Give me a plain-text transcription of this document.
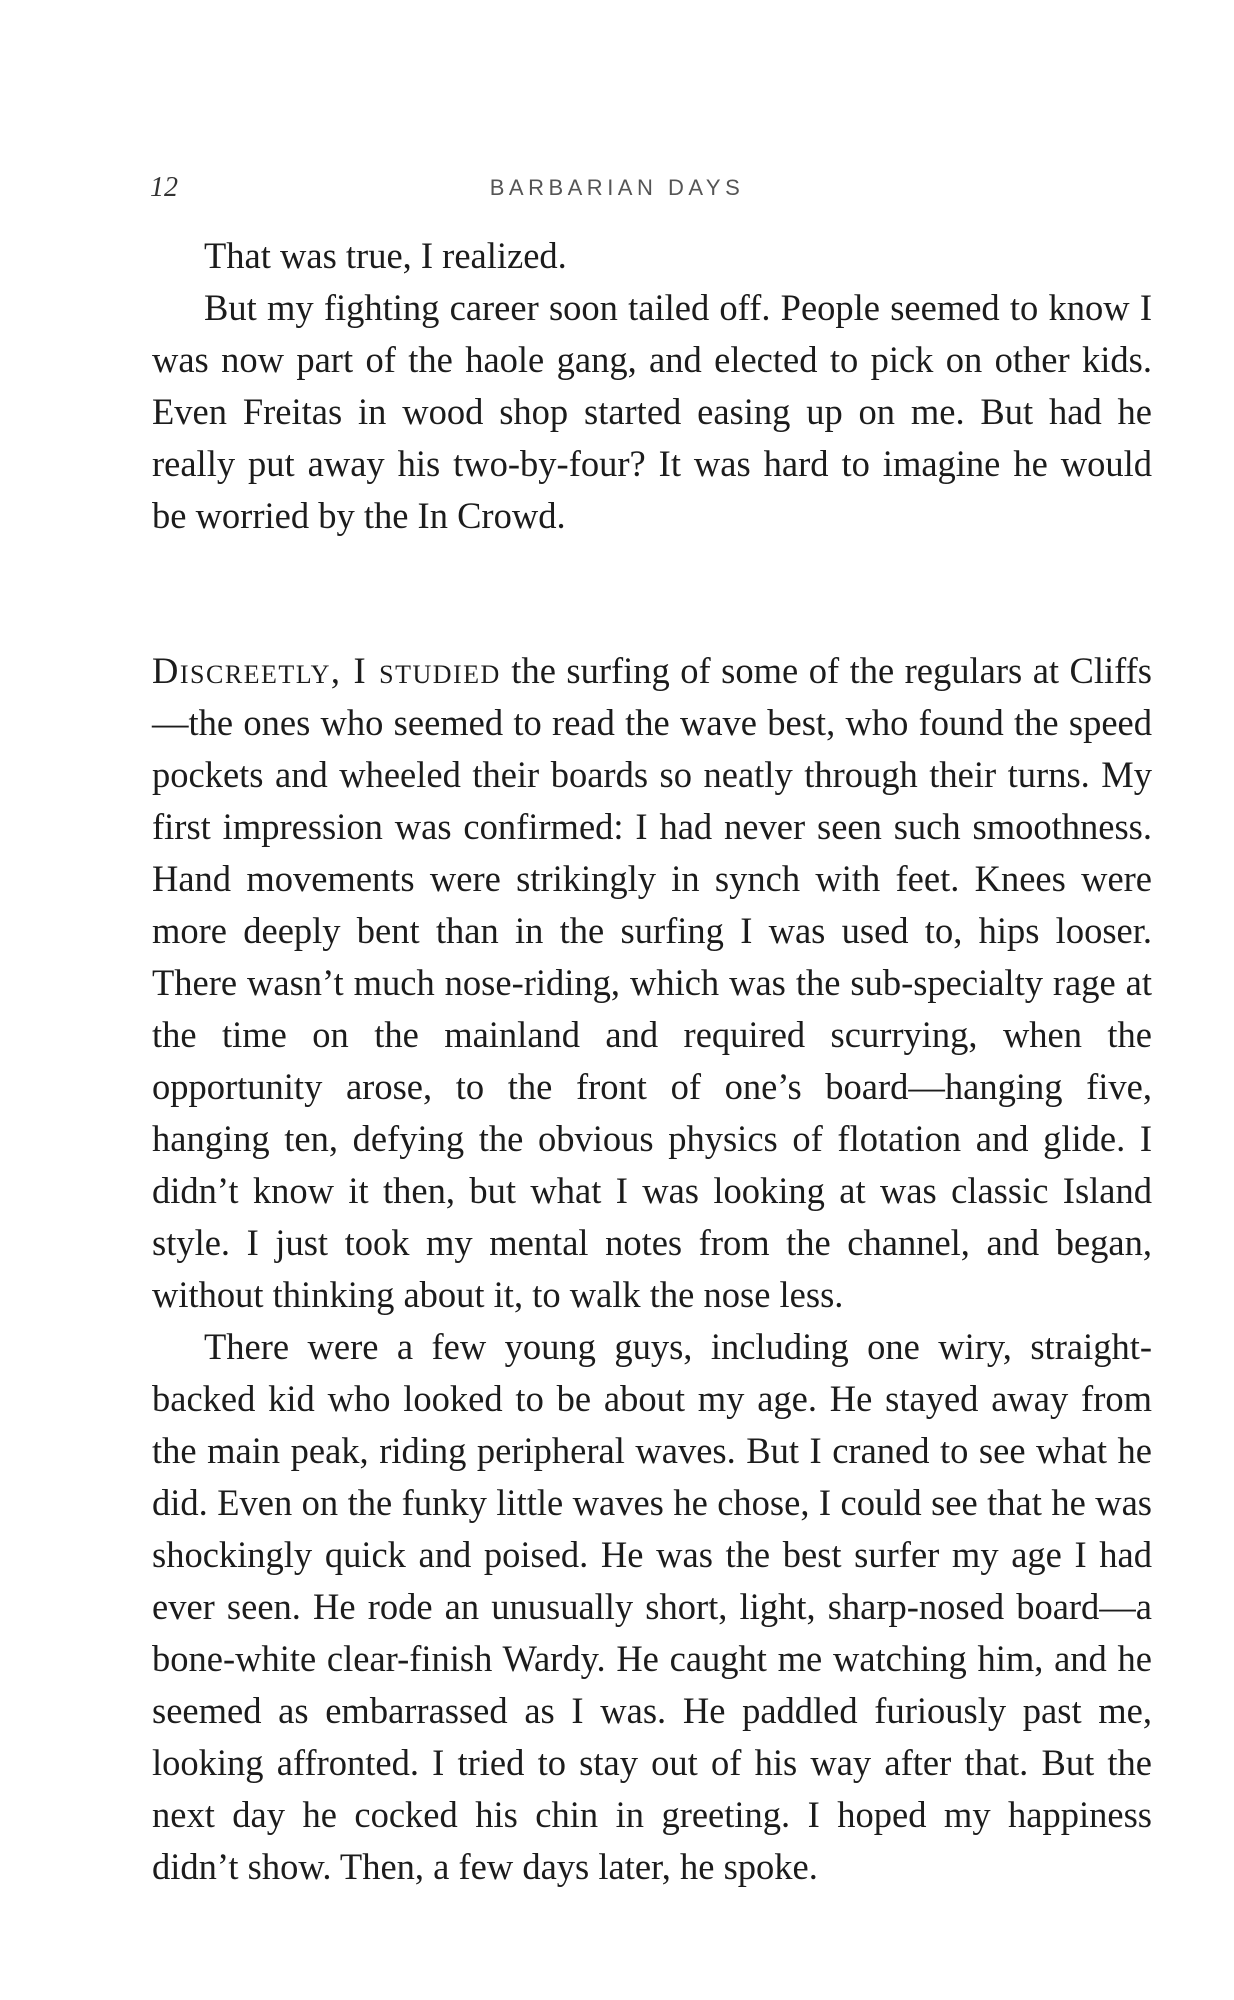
12	BARBARIAN DAYS

That was true, I realized.

But my fighting career soon tailed off. People seemed to know I was now part of the haole gang, and elected to pick on other kids. Even Freitas in wood shop started easing up on me. But had he really put away his two-by-four? It was hard to imagine he would be worried by the In Crowd.

Discreetly, I studied the surfing of some of the regulars at Cliffs—the ones who seemed to read the wave best, who found the speed pockets and wheeled their boards so neatly through their turns. My first impression was confirmed: I had never seen such smoothness. Hand movements were strikingly in synch with feet. Knees were more deeply bent than in the surfing I was used to, hips looser. There wasn’t much nose-riding, which was the sub-specialty rage at the time on the mainland and required scurrying, when the opportunity arose, to the front of one’s board—hanging five, hanging ten, defying the obvious physics of flotation and glide. I didn’t know it then, but what I was looking at was classic Island style. I just took my mental notes from the channel, and began, without thinking about it, to walk the nose less.

There were a few young guys, including one wiry, straight-backed kid who looked to be about my age. He stayed away from the main peak, riding peripheral waves. But I craned to see what he did. Even on the funky little waves he chose, I could see that he was shockingly quick and poised. He was the best surfer my age I had ever seen. He rode an unusually short, light, sharp-nosed board—a bone-white clear-finish Wardy. He caught me watching him, and he seemed as embarrassed as I was. He paddled furiously past me, looking affronted. I tried to stay out of his way after that. But the next day he cocked his chin in greeting. I hoped my happiness didn’t show. Then, a few days later, he spoke.
